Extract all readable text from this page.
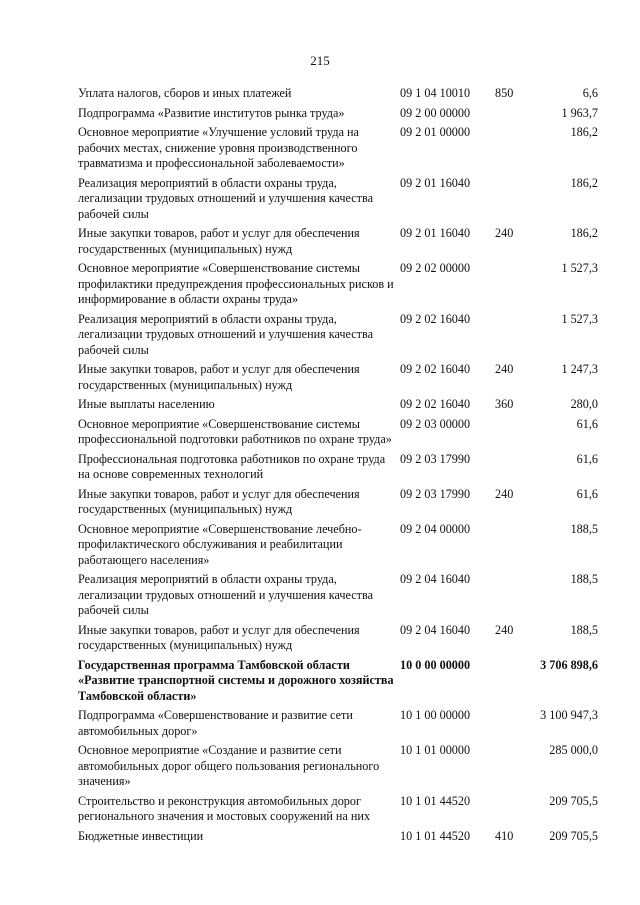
215
Уплата налогов, сборов и иных платежей	09 1 04 10010	850	6,6
Подпрограмма «Развитие институтов рынка труда»	09 2 00 00000		1 963,7
Основное мероприятие «Улучшение условий труда на рабочих местах, снижение уровня производственного травматизма и профессиональной заболеваемости»	09 2 01 00000		186,2
Реализация мероприятий в области охраны труда, легализации трудовых отношений и улучшения качества рабочей силы	09 2 01 16040		186,2
Иные закупки товаров, работ и услуг для обеспечения государственных (муниципальных) нужд	09 2 01 16040	240	186,2
Основное мероприятие «Совершенствование системы профилактики предупреждения профессиональных рисков и информирование в области охраны труда»	09 2 02 00000		1 527,3
Реализация мероприятий в области охраны труда, легализации трудовых отношений и улучшения качества рабочей силы	09 2 02 16040		1 527,3
Иные закупки товаров, работ и услуг для обеспечения государственных (муниципальных) нужд	09 2 02 16040	240	1 247,3
Иные выплаты населению	09 2 02 16040	360	280,0
Основное мероприятие «Совершенствование системы профессиональной подготовки работников по охране труда»	09 2 03 00000		61,6
Профессиональная подготовка работников по охране труда на основе современных технологий	09 2 03 17990		61,6
Иные закупки товаров, работ и услуг для обеспечения государственных (муниципальных) нужд	09 2 03 17990	240	61,6
Основное мероприятие «Совершенствование лечебно-профилактического обслуживания и реабилитации работающего населения»	09 2 04 00000		188,5
Реализация мероприятий в области охраны труда, легализации трудовых отношений и улучшения качества рабочей силы	09 2 04 16040		188,5
Иные закупки товаров, работ и услуг для обеспечения государственных (муниципальных) нужд	09 2 04 16040	240	188,5
Государственная программа Тамбовской области «Развитие транспортной системы и дорожного хозяйства Тамбовской области»	10 0 00 00000		3 706 898,6
Подпрограмма «Совершенствование и развитие сети автомобильных дорог»	10 1 00 00000		3 100 947,3
Основное мероприятие «Создание и развитие сети автомобильных дорог общего пользования регионального значения»	10 1 01 00000		285 000,0
Строительство и реконструкция автомобильных дорог регионального значения и мостовых сооружений на них	10 1 01 44520		209 705,5
Бюджетные инвестиции	10 1 01 44520	410	209 705,5
